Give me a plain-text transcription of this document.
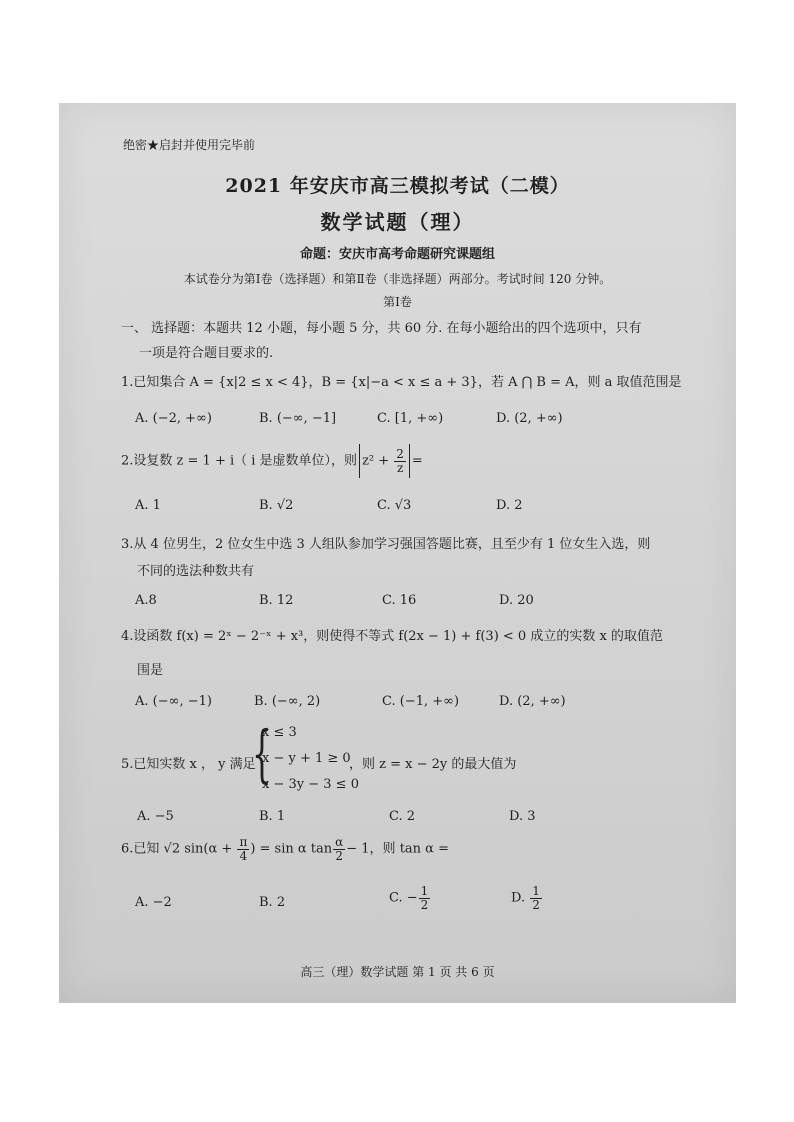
绝密★启封并使用完毕前
2021 年安庆市高三模拟考试（二模）
数学试题（理）
命题：安庆市高考命题研究课题组
本试卷分为第Ⅰ卷（选择题）和第Ⅱ卷（非选择题）两部分。考试时间 120 分钟。
第Ⅰ卷
一、 选择题：本题共 12 小题，每小题 5 分，共 60 分. 在每小题给出的四个选项中，只有
一项是符合题目要求的.
1.已知集合 A = {x|2 ≤ x < 4}，B = {x|−a < x ≤ a + 3}，若 A ⋂ B = A，则 a 取值范围是
A. (−2, +∞)	B. (−∞, −1]	C. [1, +∞)	D. (2, +∞)
2.设复数 z = 1 + i（ i 是虚数单位），则 $z^2 + \frac{2}{z}$ =
A. 1	B. √2	C. √3	D. 2
3.从 4 位男生，2 位女生中选 3 人组队参加学习强国答题比赛，且至少有 1 位女生入选，则
不同的选法种数共有
A.8	B. 12	C. 16	D. 20
4.设函数 f(x) = 2ˣ − 2⁻ˣ + x³，则使得不等式 f(2x − 1) + f(3) < 0 成立的实数 x 的取值范
围是
A. (−∞, −1)	B. (−∞, 2)	C. (−1, +∞)	D. (2, +∞)
5.已知实数 x ， y 满足
{
x ≤ 3
x − y + 1 ≥ 0
x − 3y − 3 ≤ 0
，则 z = x − 2y 的最大值为
A. −5	B. 1	C. 2	D. 3
6.已知 √2 $\sin(\alpha + \frac{\pi}{4}$ ) = sin α $\tan \frac{\alpha}{2} - 1$，则 tan α =
A. −2	B. 2	C. − $\frac{1}{2}$	D. $\frac{1}{2}$
高三（理）数学试题 第 1 页 共 6 页
